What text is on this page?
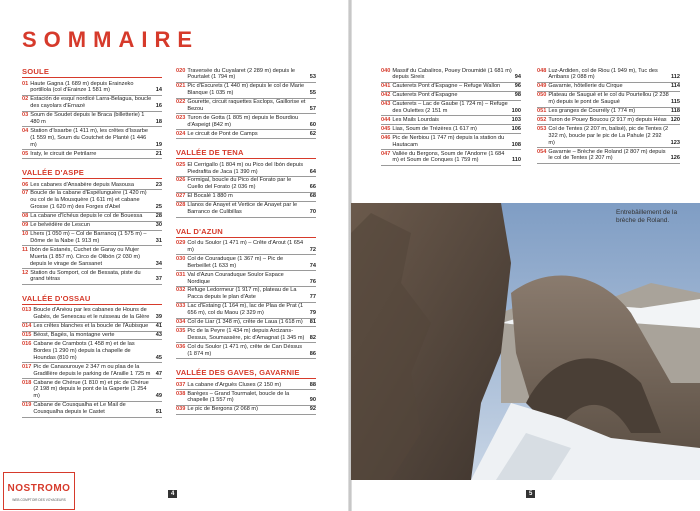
SOMMAIRE
SOULE
01 Haute Gagna (1 689 m) depuis Erainzeko portillola (col d'Erainze 1 581 m)	14
02 Estación de esquí nordicé Larra-Belagua, boucle des cayolars d'Ernazé	16
03 Soum de Soudet depuis le Braca (billetterie) 1 480 m	18
04 Station d'Issarbe (1 411 m), les crêtes d'Issarbe (1 559 m), Soum du Coutchet de Planté (1 446 m)	19
05 Iraty, le circuit de Petrilarre	21
VALLÉE D'ASPE
06 Les cabanes d'Ansabère depuis Masousa	23
07 Boucle de la cabane d'Espélunguère (1 420 m) ou col de la Mousquère (1 611 m) et cabane Grosse (1 620 m) des Forges d'Abel	25
08 La cabane d'Ichéus depuis le col de Bouessa	28
09 Le belvédère de Lescun	30
10 Lhers (1 050 m) – Col de Barrancq (1 575 m) – Dôme de la Nabe (1 913 m)	31
11 Ibón de Estanés, Cuchet de Garay ou Mujer Muerta (1 857 m). Circo de Olibón (2 030 m) depuis le virage de Sansanet	34
12 Station du Somport, col de Bessata, piste du grand tétras	37
VALLÉE D'OSSAU
013 Boucle d'Anéou par les cabanes de Houns de Gabès, de Senescau et le ruisseau de la Glère	39
014 Les crêtes blanches et la boucle de l'Aubisque	41
015 Béost, Bagès, la montagne verte	43
016 Cabane de Crambots (1 458 m) et de las Bordes (1 290 m) depuis la chapelle de Houndas (810 m)	45
017 Pic de Canaourouye 2 347 m ou plaa de la Gradillère depuis le parking de l'Araille 1 725 m 47
018 Cabane de Chérue (1 810 m) et pic de Chérue (2 198 m) depuis le pont de la Gaperte (1 254 m)	49
019 Cabane de Cousqualha et Le Mail de Cousqualha depuis le Castet	51
020 Traversée du Cuyalaret (2 289 m) depuis le Pourtalet (1 794 m)	53
021 Pic d'Escurets (1 440 m) depuis le col de Marie Blanque (1 035 m)	55
022 Gourette, circuit raquettes Esclops, Gaillorise et Bezou	57
023 Turon de Gotta (1 805 m) depuis le Bourdiou d'Aspeigt (842 m)	60
024 Le circuit de Pont de Camps	62
VALLÉE DE TENA
025 El Cerrigallo (1 804 m) ou Pico del Ibón depuis Piedrafita de Jaca (1 390 m)	64
026 Formigal, boucle du Pico del Forato par le Cuello del Forato (2 036 m)	66
027 El Bocalé 1 880 m	68
028 Llanos de Anayet et Vertice de Anayet par le Barranco de Culibillas	70
VAL D'AZUN
029 Col du Soulor (1 471 m) – Crête d'Arout (1 654 m)	72
030 Col de Couraduque (1 367 m) – Pic de Berbeillet (1 633 m)	74
031 Val d'Azun Couraduque Soulor Espace Nordique	76
032 Refuge Ledormeur (1 917 m), plateau de La Pacca depuis le plan d'Aste	77
033 Lac d'Estaing (1 164 m), lac de Plaa de Prat (1 656 m), col du Maou (2 329 m)	79
034 Col de Liar (1 348 m), crête de Laua (1 618 m)	81
035 Pic de la Peyre (1 434 m) depuis Arcizans-Dessus, Soumassère, pic d'Amagnat (1 345 m) 82
036 Col du Soulor (1 471 m), crête de Can Déssus (1 874 m)	86
VALLÉE DES GAVES, GAVARNIE
037 La cabane d'Arguès Cluses (2 150 m)	88
038 Barèges – Grand Tourmalet, boucle de la chapelle (1 557 m)	90
039 Le pic de Bergons (2 068 m)	92
040 Massif du Cabaliros, Pouey Droumidé (1 681 m) depuis Sireix	94
041 Cauterets Pont d'Espagne – Refuge Wallon	96
042 Cauterets Pont d'Espagne	98
043 Cauterets – Lac de Gaube (1 724 m) – Refuge des Oulettes (2 151 m	100
044 Les Mails Lourdais	103
045 Lias, Soum de Trézères (1 617 m)	106
046 Pic de Nerbiou (1 747 m) depuis la station du Hautacam	108
047 Vallée du Bergons, Soum de l'Andorre (1 684 m) et Soum de Conques (1 759 m)	110
048 Luz-Ardiden, col de Riou (1 949 m), Tuc des Arribans (2 088 m)	112
049 Gavarnie, hôtellerie du Cirque	114
050 Plateau de Saugué et le col du Pourtellou (2 238 m) depuis le pont de Saugué	115
051 Les granges de Courrély (1 774 m)	118
052 Turon de Pouey Boucou (2 917 m) depuis Héas 120
053 Col de Tentes (2 207 m, balisé), pic de Tentes (2 322 m), boucle par le pic de La Pahule (2 292 m)	123
054 Gavarnie – Brèche de Roland (2 807 m) depuis le col de Tentes (2 207 m)	126
Entrebâillement de la brèche de Roland.
4	5
NOSTROMO
WEB COMPTOIR DES VOYAGEURS
